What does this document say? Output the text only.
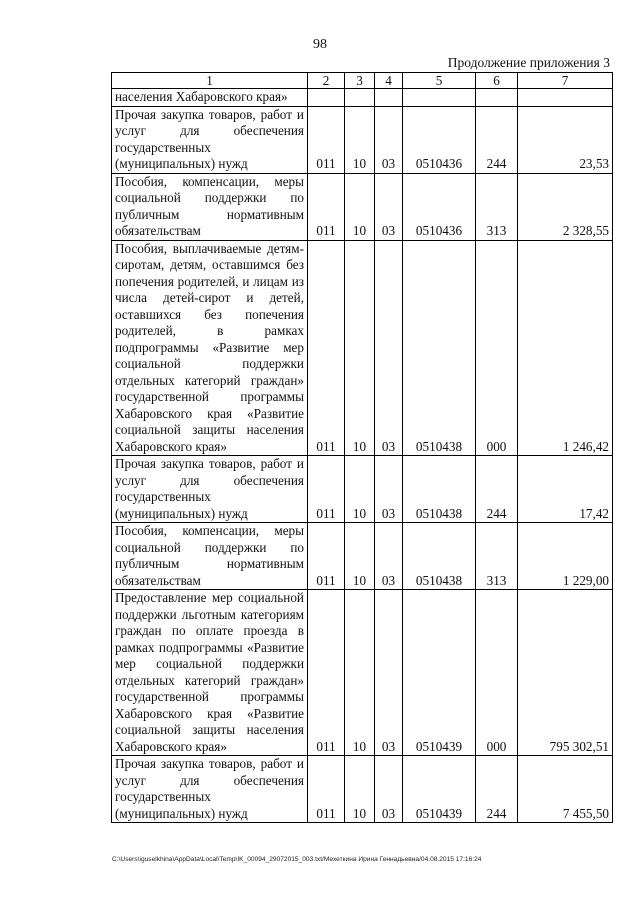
98
Продолжение приложения 3
1	2	3	4	5	6	7
населения Хабаровского края»						
Прочая закупка товаров, работ и услуг для обеспечения государственных (муниципальных) нужд	011	10	03	0510436	244	23,53
Пособия, компенсации, меры социальной поддержки по публичным нормативным обязательствам	011	10	03	0510436	313	2 328,55
Пособия, выплачиваемые детям-сиротам, детям, оставшимся без попечения родителей, и лицам из числа детей-сирот и детей, оставшихся без попечения родителей, в рамках подпрограммы «Развитие мер социальной поддержки отдельных категорий граждан» государственной программы Хабаровского края «Развитие социальной защиты населения Хабаровского края»	011	10	03	0510438	000	1 246,42
Прочая закупка товаров, работ и услуг для обеспечения государственных (муниципальных) нужд	011	10	03	0510438	244	17,42
Пособия, компенсации, меры социальной поддержки по публичным нормативным обязательствам	011	10	03	0510438	313	1 229,00
Предоставление мер социальной поддержки льготным категориям граждан по оплате проезда в рамках подпрограммы «Развитие мер социальной поддержки отдельных категорий граждан» государственной программы Хабаровского края «Развитие социальной защиты населения Хабаровского края»	011	10	03	0510439	000	795 302,51
Прочая закупка товаров, работ и услуг для обеспечения государственных (муниципальных) нужд	011	10	03	0510439	244	7 455,50
C:\Users\iguselkhina\AppData\Local\Temp\IK_00094_29072015_003.txt/Мехеткина Ирина Геннадьевна/04.08.2015 17:16:24
